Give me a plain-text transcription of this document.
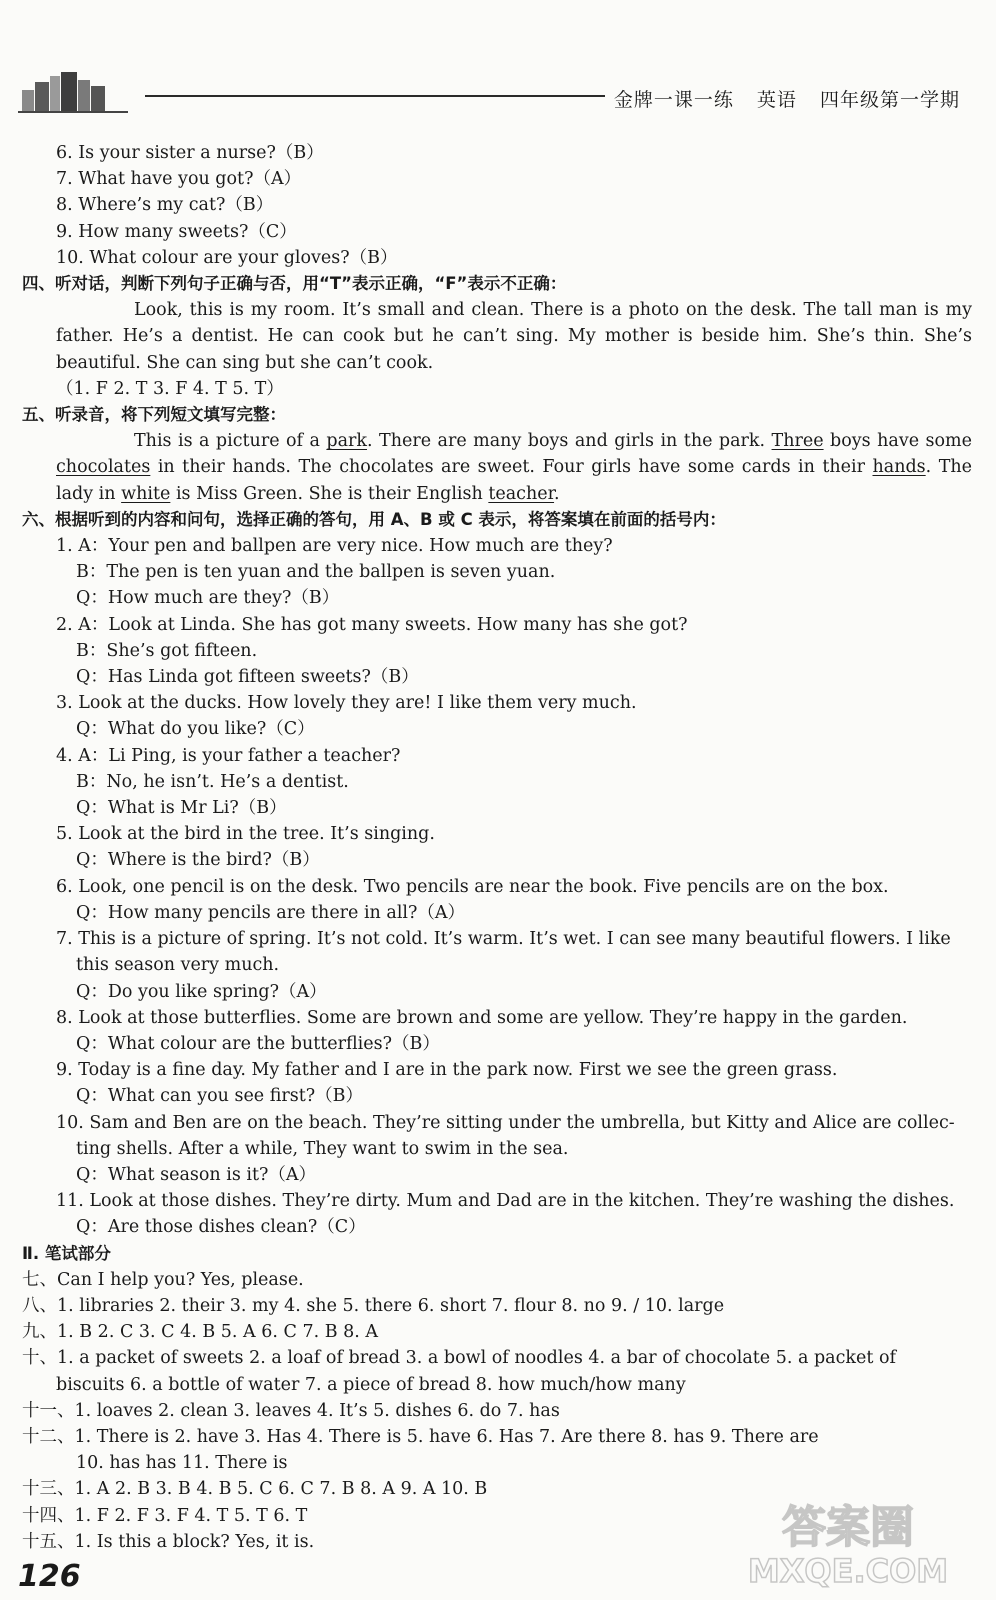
金牌一课一练 英语 四年级第一学期
6. Is your sister a nurse?（B）
7. What have you got?（A）
8. Where’s my cat?（B）
9. How many sweets?（C）
10. What colour are your gloves?（B）
四、听对话，判断下列句子正确与否，用“T”表示正确，“F”表示不正确：
Look, this is my room. It’s small and clean. There is a photo on the desk. The tall man is my father. He’s a dentist. He can cook but he can’t sing. My mother is beside him. She’s thin. She’s beautiful. She can sing but she can’t cook.
（1. F 2. T 3. F 4. T 5. T）
五、听录音，将下列短文填写完整：
This is a picture of a park. There are many boys and girls in the park. Three boys have some chocolates in their hands. The chocolates are sweet. Four girls have some cards in their hands. The lady in white is Miss Green. She is their English teacher.
六、根据听到的内容和问句，选择正确的答句，用 A、B 或 C 表示，将答案填在前面的括号内：
1. A：Your pen and ballpen are very nice. How much are they?
B：The pen is ten yuan and the ballpen is seven yuan.
Q：How much are they?（B）
2. A：Look at Linda. She has got many sweets. How many has she got?
B：She’s got fifteen.
Q：Has Linda got fifteen sweets?（B）
3. Look at the ducks. How lovely they are! I like them very much.
Q：What do you like?（C）
4. A：Li Ping, is your father a teacher?
B：No, he isn’t. He’s a dentist.
Q：What is Mr Li?（B）
5. Look at the bird in the tree. It’s singing.
Q：Where is the bird?（B）
6. Look, one pencil is on the desk. Two pencils are near the book. Five pencils are on the box.
Q：How many pencils are there in all?（A）
7. This is a picture of spring. It’s not cold. It’s warm. It’s wet. I can see many beautiful flowers. I like
this season very much.
Q：Do you like spring?（A）
8. Look at those butterflies. Some are brown and some are yellow. They’re happy in the garden.
Q：What colour are the butterflies?（B）
9. Today is a fine day. My father and I are in the park now. First we see the green grass.
Q：What can you see first?（B）
10. Sam and Ben are on the beach. They’re sitting under the umbrella, but Kitty and Alice are collec-
ting shells. After a while, They want to swim in the sea.
Q：What season is it?（A）
11. Look at those dishes. They’re dirty. Mum and Dad are in the kitchen. They’re washing the dishes.
Q：Are those dishes clean?（C）
Ⅱ. 笔试部分
七、Can I help you? Yes, please.
八、1. libraries 2. their 3. my 4. she 5. there 6. short 7. flour 8. no 9. / 10. large
九、1. B 2. C 3. C 4. B 5. A 6. C 7. B 8. A
十、1. a packet of sweets 2. a loaf of bread 3. a bowl of noodles 4. a bar of chocolate 5. a packet of
biscuits 6. a bottle of water 7. a piece of bread 8. how much/how many
十一、1. loaves 2. clean 3. leaves 4. It’s 5. dishes 6. do 7. has
十二、1. There is 2. have 3. Has 4. There is 5. have 6. Has 7. Are there 8. has 9. There are
10. has has 11. There is
十三、1. A 2. B 3. B 4. B 5. C 6. C 7. B 8. A 9. A 10. B
十四、1. F 2. F 3. F 4. T 5. T 6. T
十五、1. Is this a block? Yes, it is.
126
答案圈
MXQE.COM
